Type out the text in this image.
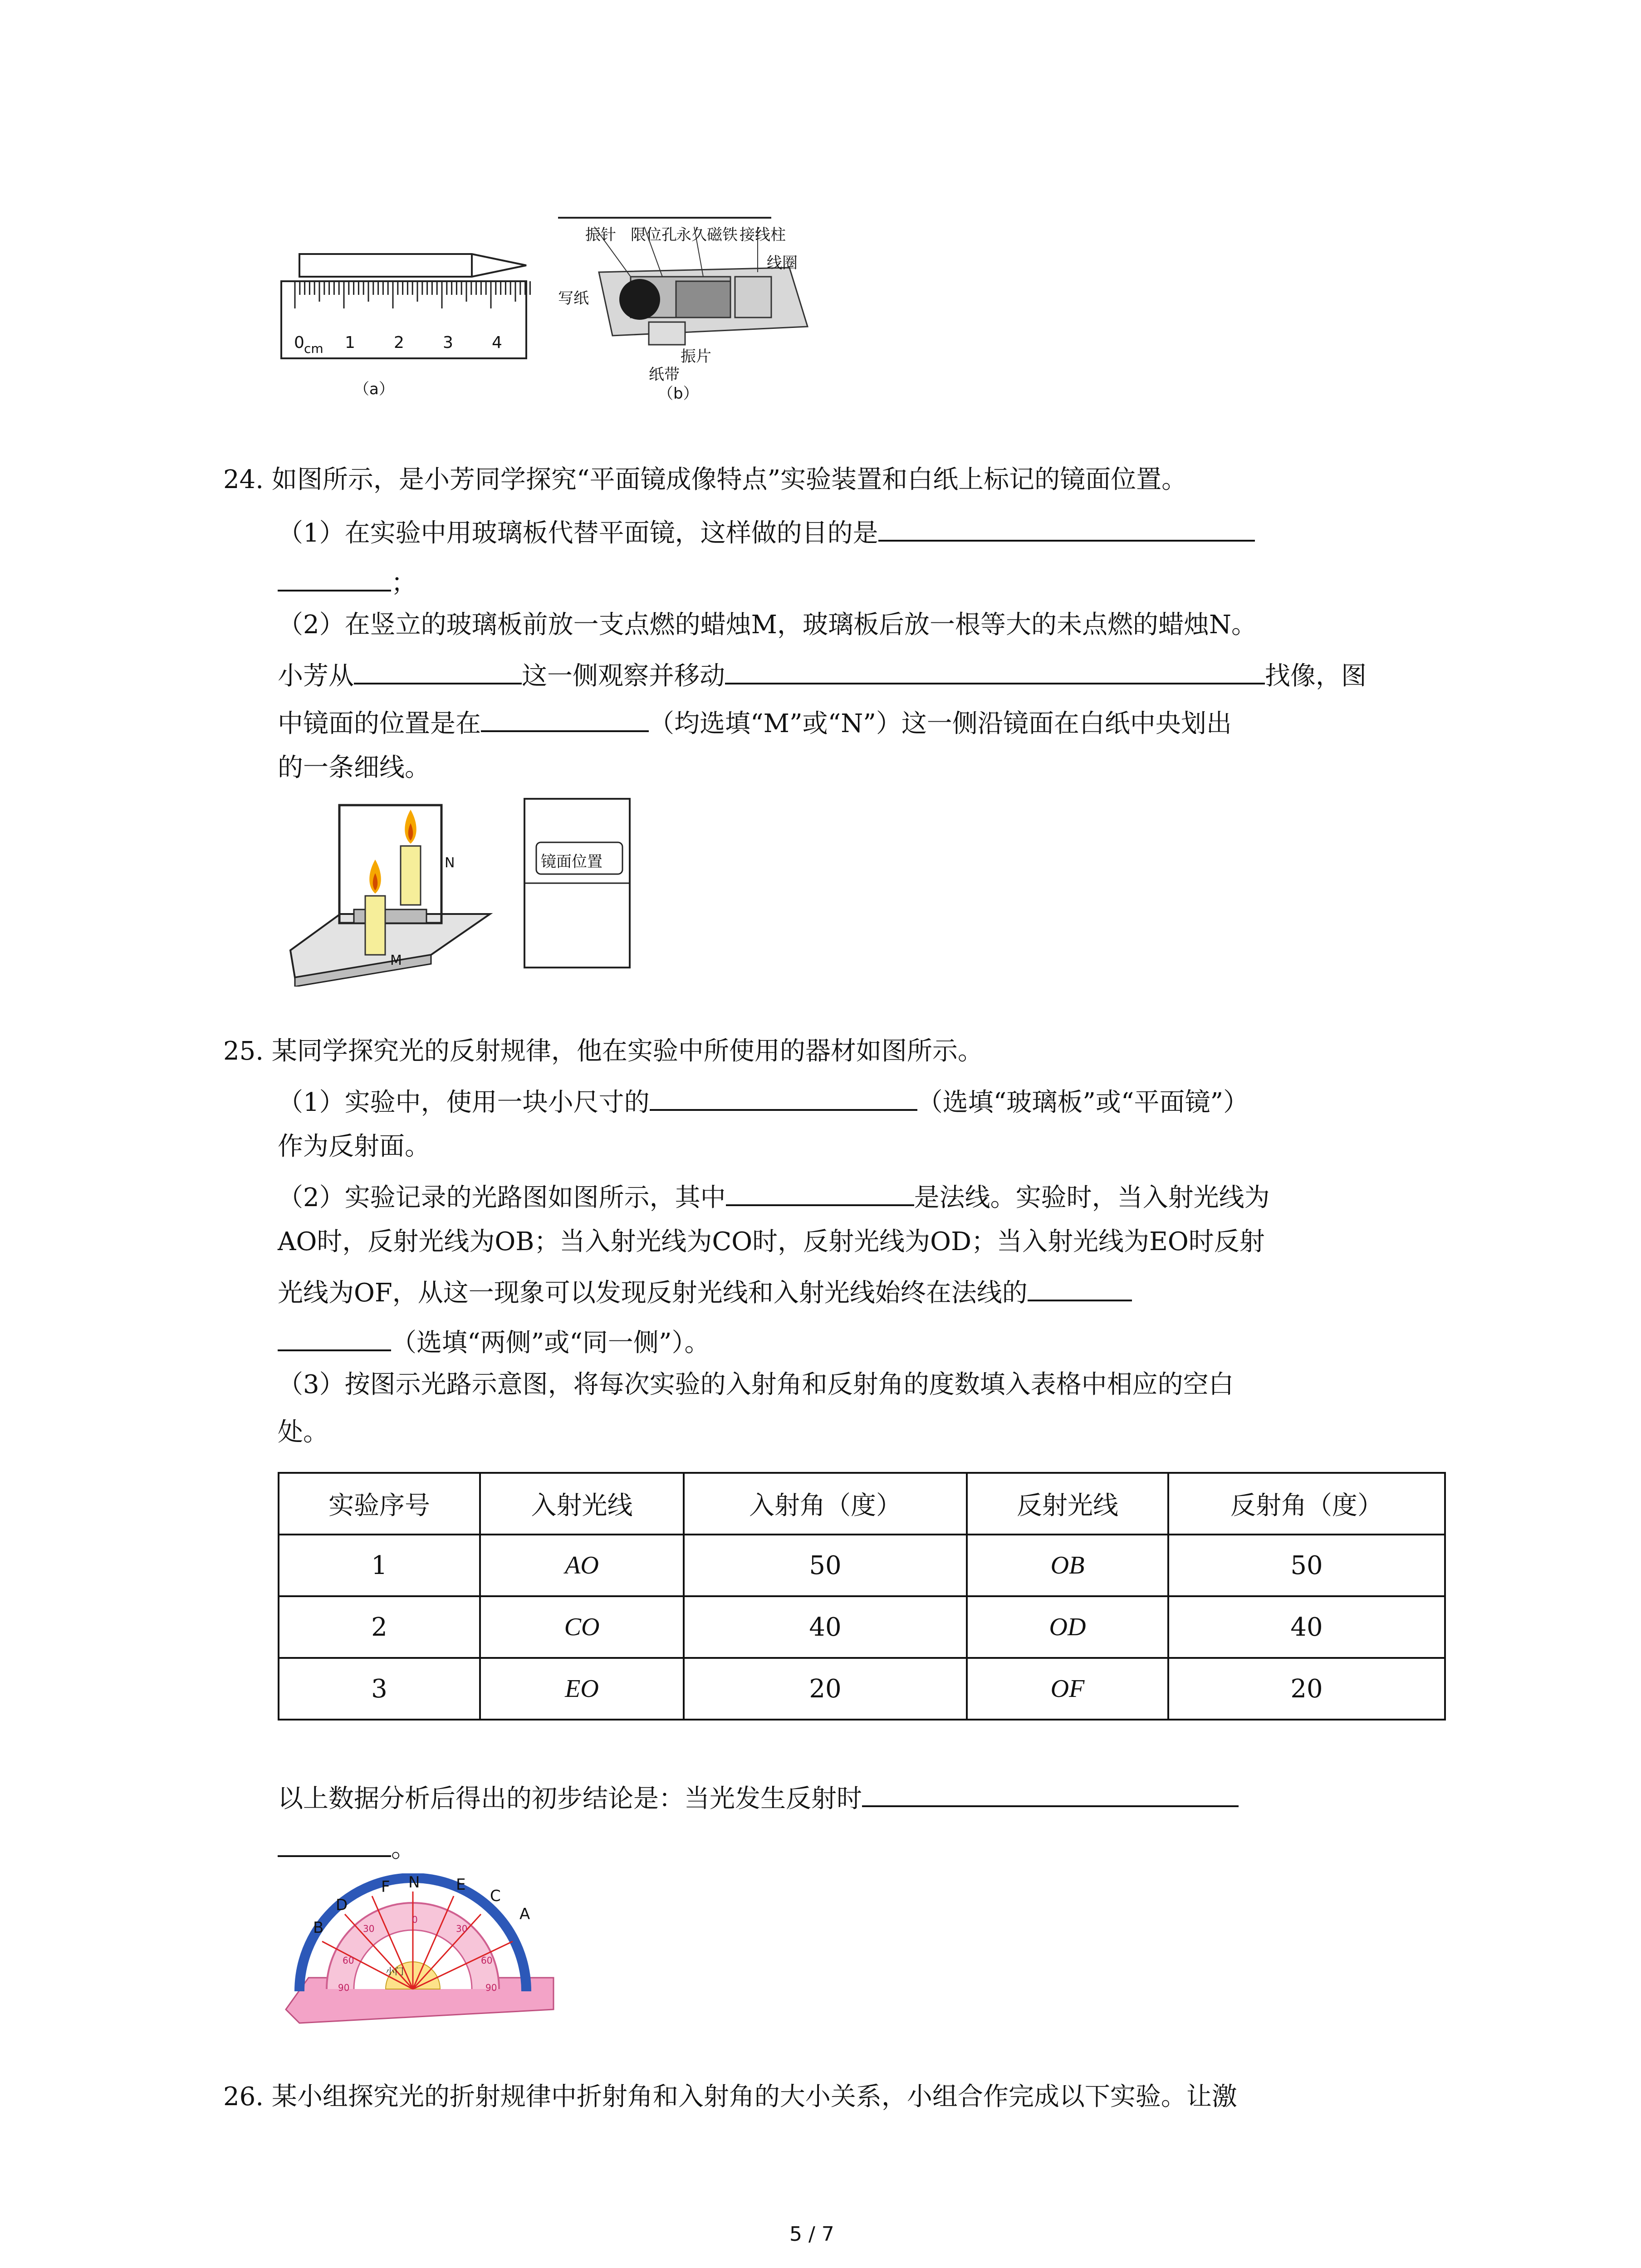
0 cm 1 2 3 4
（a）
振针 限位孔
永久磁铁 接线柱
线圈
写纸
振片
纸带
（b）
24. 如图所示，是小芳同学探究“平面镜成像特点”实验装置和白纸上标记的镜面位置。
（1）在实验中用玻璃板代替平面镜，这样做的目的是
；
（2）在竖立的玻璃板前放一支点燃的蜡烛M，玻璃板后放一根等大的未点燃的蜡烛N。
小芳从	这一侧观察并移动	找像，图
中镜面的位置是在	（均选填“M”或“N”）这一侧沿镜面在白纸中央划出
的一条细线。
N
M
镜面位置
25. 某同学探究光的反射规律，他在实验中所使用的器材如图所示。
（1）实验中，使用一块小尺寸的	（选填“玻璃板”或“平面镜”）
作为反射面。
（2）实验记录的光路图如图所示，其中	是法线。实验时，当入射光线为
AO时，反射光线为OB；当入射光线为CO时，反射光线为OD；当入射光线为EO时反射
光线为OF，从这一现象可以发现反射光线和入射光线始终在法线的
（选填“两侧”或“同一侧”）。
（3）按图示光路示意图，将每次实验的入射角和反射角的度数填入表格中相应的空白
处。
实验序号	入射光线	入射角（度）	反射光线	反射角（度）
1	AO	50	OB	50
2	CO	40	OD	40
3	EO	20	OF	20
以上数据分析后得出的初步结论是：当光发生反射时
。
F N E
C
A
D
B
90
60
30
0
30
60
90
小门
26. 某小组探究光的折射规律中折射角和入射角的大小关系，小组合作完成以下实验。让激
5 / 7
